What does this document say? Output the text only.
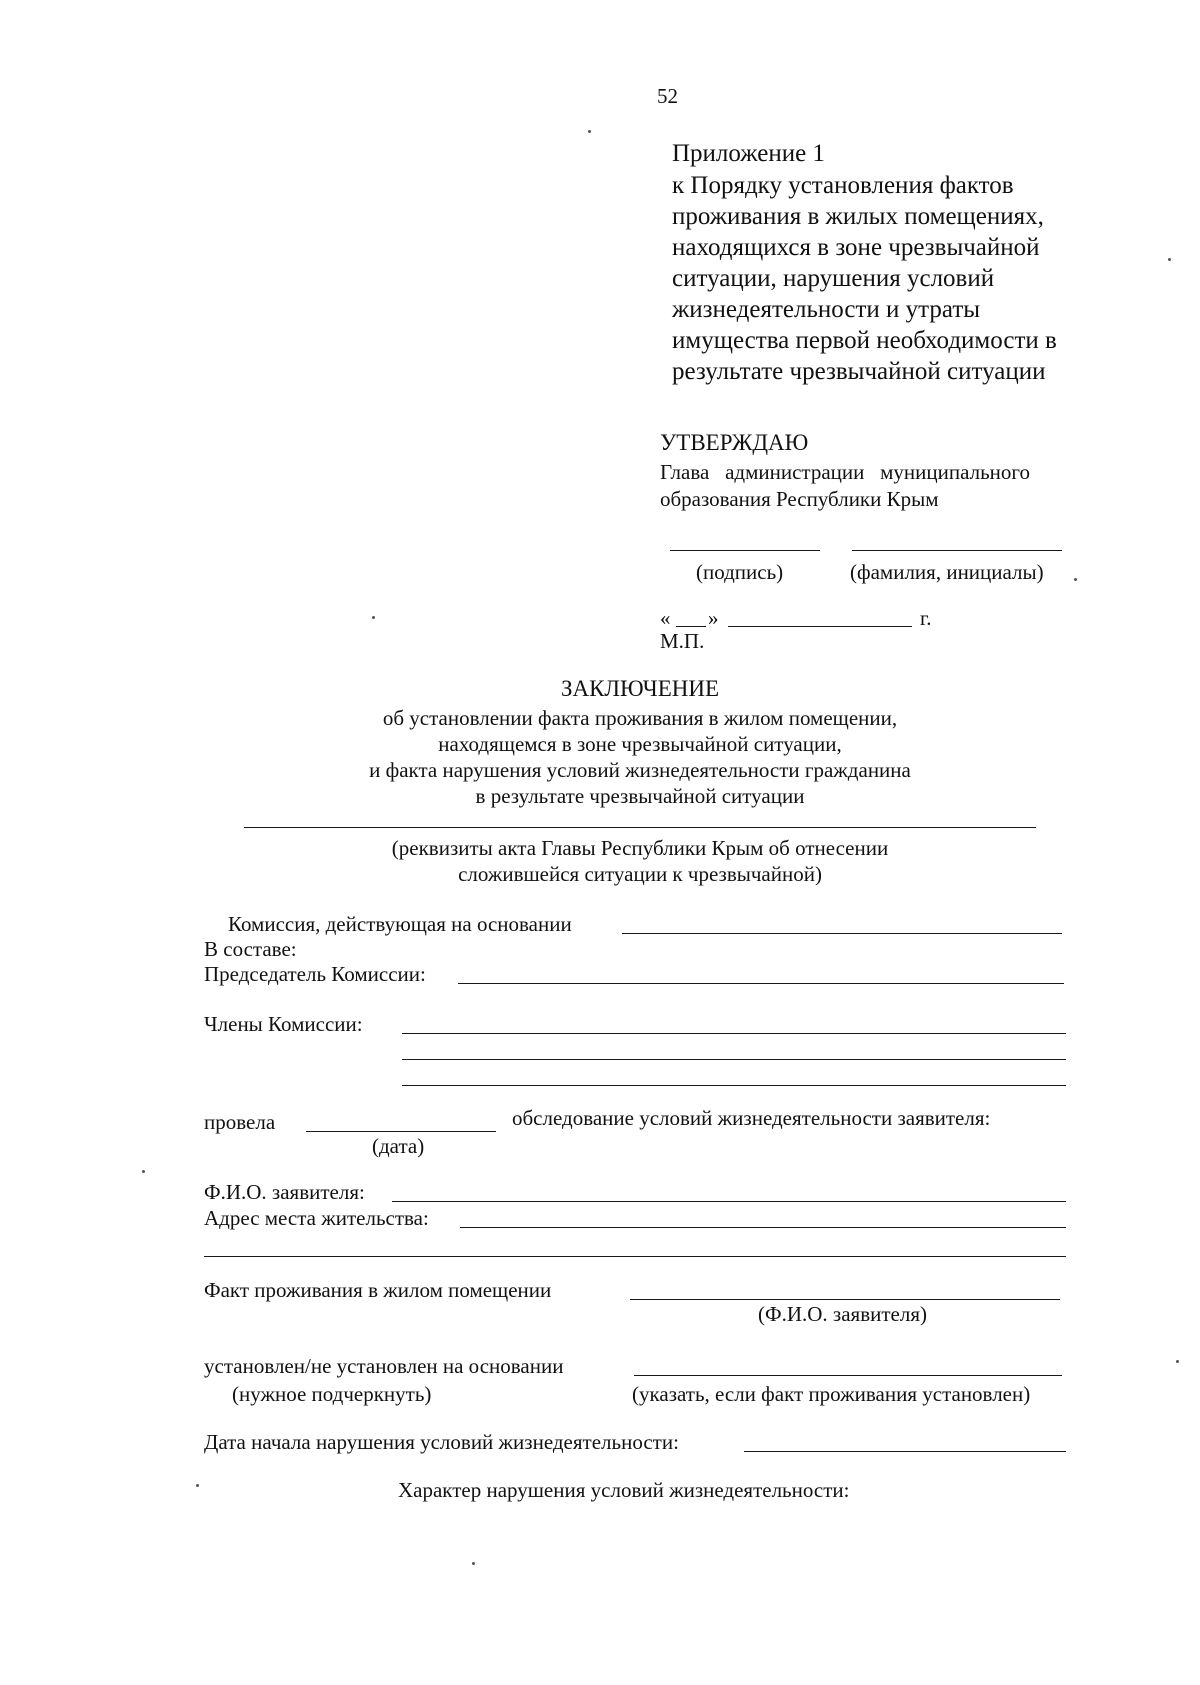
52
Приложение 1
к Порядку установления фактов
проживания в жилых помещениях,
находящихся в зоне чрезвычайной
ситуации, нарушения условий
жизнедеятельности и утраты
имущества первой необходимости в
результате чрезвычайной ситуации
УТВЕРЖДАЮ
Глава   администрации   муниципального
образования Республики Крым
(подпись)	(фамилия, инициалы)
« »	г.
М.П.
ЗАКЛЮЧЕНИЕ
об установлении факта проживания в жилом помещении,
находящемся в зоне чрезвычайной ситуации,
и факта нарушения условий жизнедеятельности гражданина
в результате чрезвычайной ситуации
(реквизиты акта Главы Республики Крым об отнесении
сложившейся ситуации к чрезвычайной)
Комиссия, действующая на основании
В составе:
Председатель Комиссии:
Члены Комиссии:
провела	обследование условий жизнедеятельности заявителя:
(дата)
Ф.И.О. заявителя:
Адрес места жительства:
Факт проживания в жилом помещении
(Ф.И.О. заявителя)
установлен/не установлен на основании
(нужное подчеркнуть)	(указать, если факт проживания установлен)
Дата начала нарушения условий жизнедеятельности:
Характер нарушения условий жизнедеятельности:
